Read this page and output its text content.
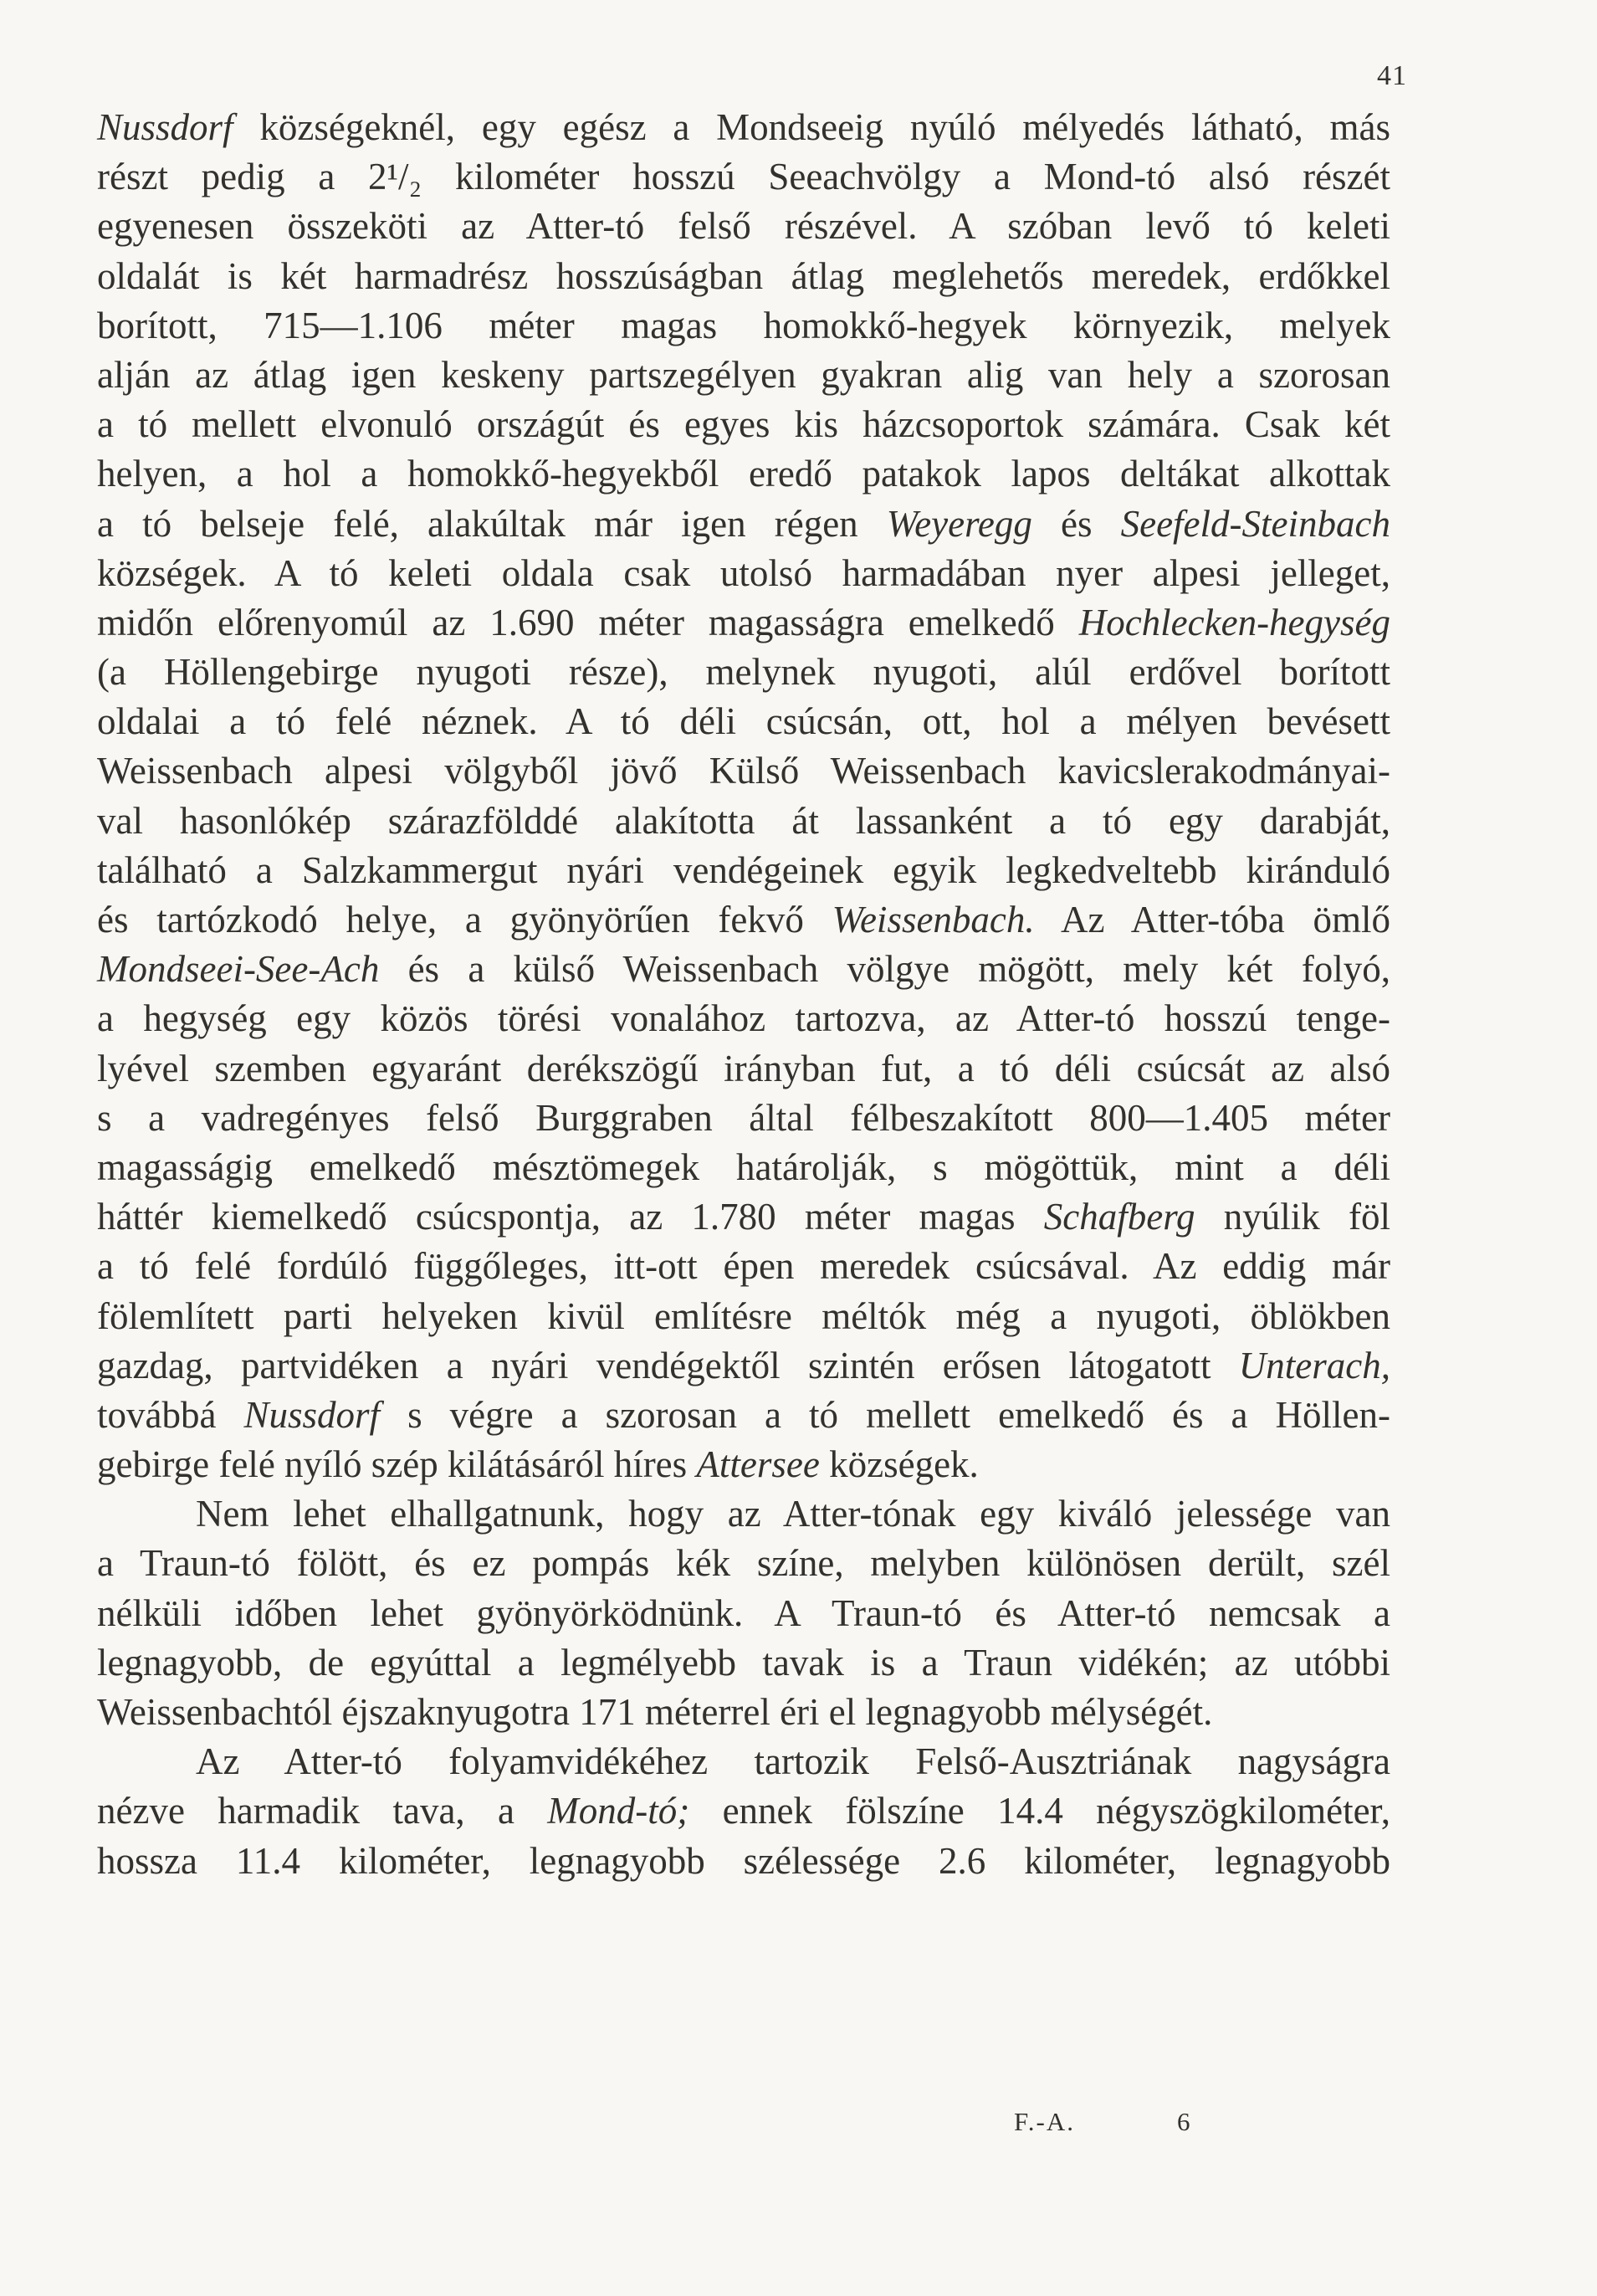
41
Nussdorf községeknél, egy egész a Mondseeig nyúló mélyedés látható, más
részt pedig a 2¹/₂ kilométer hosszú Seeachvölgy a Mond-tó alsó részét
egyenesen összeköti az Atter-tó felső részével. A szóban levő tó keleti
oldalát is két harmadrész hosszúságban átlag meglehetős meredek, erdőkkel
borított, 715—1.106 méter magas homokkő-hegyek környezik, melyek
alján az átlag igen keskeny partszegélyen gyakran alig van hely a szorosan
a tó mellett elvonuló országút és egyes kis házcsoportok számára. Csak két
helyen, a hol a homokkő-hegyekből eredő patakok lapos deltákat alkottak
a tó belseje felé, alakúltak már igen régen Weyeregg és Seefeld-Steinbach
községek. A tó keleti oldala csak utolsó harmadában nyer alpesi jelleget,
midőn előrenyomúl az 1.690 méter magasságra emelkedő Hochlecken-hegység
(a Höllengebirge nyugoti része), melynek nyugoti, alúl erdővel borított
oldalai a tó felé néznek. A tó déli csúcsán, ott, hol a mélyen bevésett
Weissenbach alpesi völgyből jövő Külső Weissenbach kavicslerakodmányai-
val hasonlókép szárazfölddé alakította át lassanként a tó egy darabját,
található a Salzkammergut nyári vendégeinek egyik legkedveltebb kiránduló
és tartózkodó helye, a gyönyörűen fekvő Weissenbach. Az Atter-tóba ömlő
Mondseei-See-Ach és a külső Weissenbach völgye mögött, mely két folyó,
a hegység egy közös törési vonalához tartozva, az Atter-tó hosszú tenge-
lyével szemben egyaránt derékszögű irányban fut, a tó déli csúcsát az alsó
s a vadregényes felső Burggraben által félbeszakított 800—1.405 méter
magasságig emelkedő mésztömegek határolják, s mögöttük, mint a déli
háttér kiemelkedő csúcspontja, az 1.780 méter magas Schafberg nyúlik föl
a tó felé fordúló függőleges, itt-ott épen meredek csúcsával. Az eddig már
fölemlített parti helyeken kivül említésre méltók még a nyugoti, öblökben
gazdag, partvidéken a nyári vendégektől szintén erősen látogatott Unterach,
továbbá Nussdorf s végre a szorosan a tó mellett emelkedő és a Höllen-
gebirge felé nyíló szép kilátásáról híres Attersee községek.
Nem lehet elhallgatnunk, hogy az Atter-tónak egy kiváló jelessége van
a Traun-tó fölött, és ez pompás kék színe, melyben különösen derült, szél
nélküli időben lehet gyönyörködnünk. A Traun-tó és Atter-tó nemcsak a
legnagyobb, de egyúttal a legmélyebb tavak is a Traun vidékén; az utóbbi
Weissenbachtól éjszaknyugotra 171 méterrel éri el legnagyobb mélységét.
Az Atter-tó folyamvidékéhez tartozik Felső-Ausztriának nagyságra
nézve harmadik tava, a Mond-tó; ennek fölszíne 14.4 négyszögkilométer,
hossza 11.4 kilométer, legnagyobb szélessége 2.6 kilométer, legnagyobb
F.-A.	6
